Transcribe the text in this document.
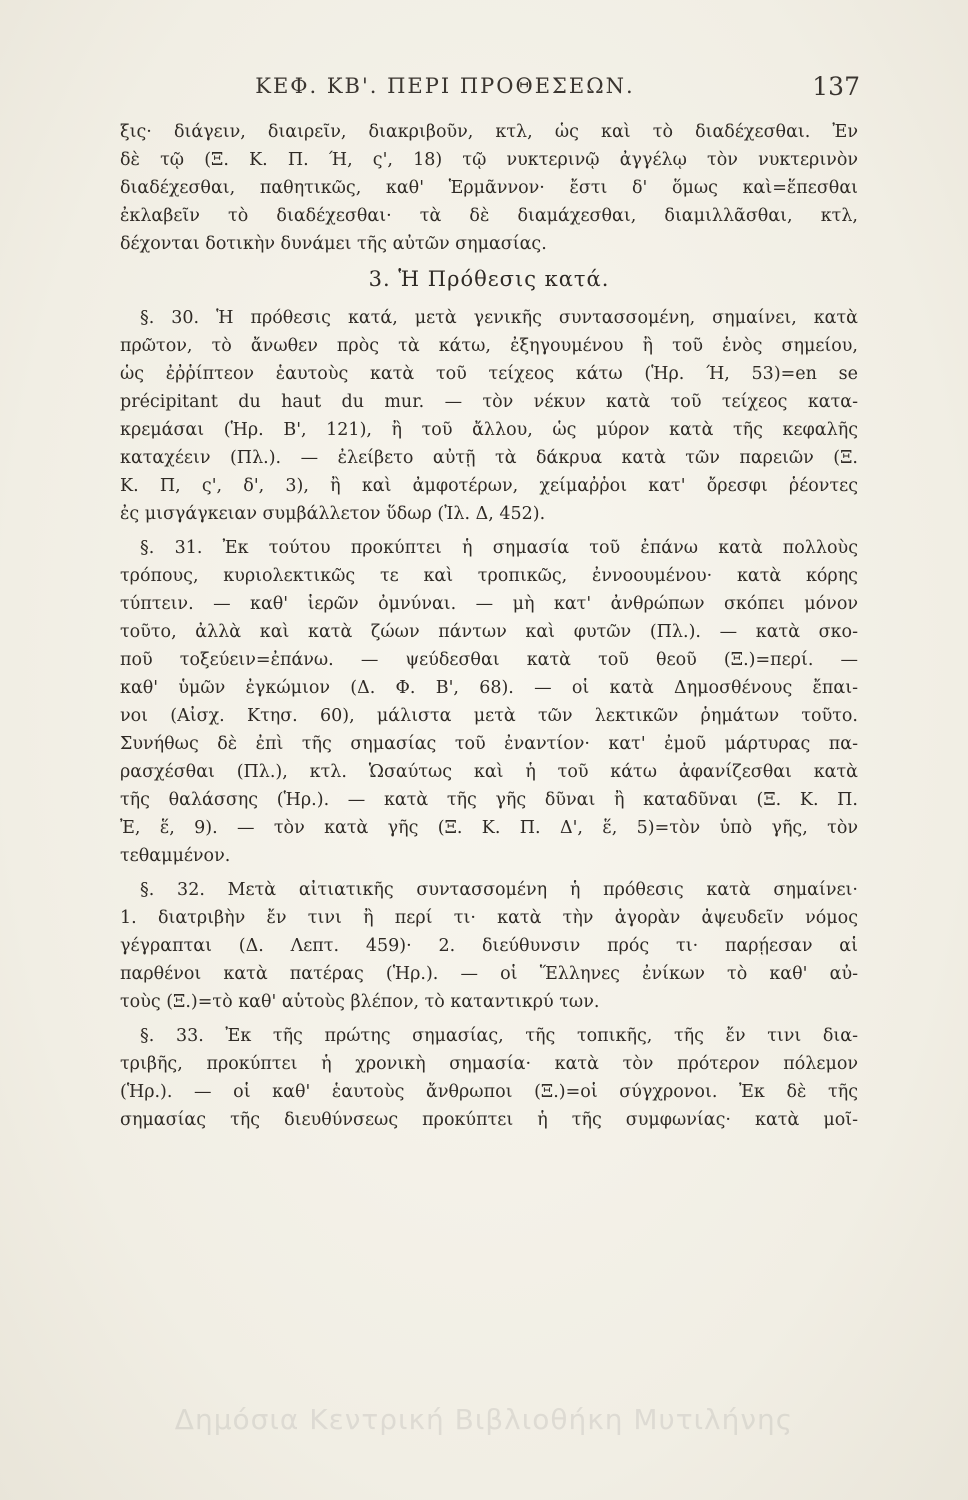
ΚΕΦ. ΚΒ'. ΠΕΡΙ ΠΡΟΘΕΣΕΩΝ.	137
ξις· διάγειν, διαιρεῖν, διακριβοῦν, κτλ, ὡς καὶ τὸ διαδέχεσθαι. Ἐν
δὲ τῷ (Ξ. Κ. Π. Ή, ς', 18) τῷ νυκτερινῷ ἀγγέλῳ τὸν νυκτερινὸν
διαδέχεσθαι, παθητικῶς, καθ' Ἑρμᾶννον· ἔστι δ' ὅμως καὶ=ἕπεσθαι
ἐκλαβεῖν τὸ διαδέχεσθαι· τὰ δὲ διαμάχεσθαι, διαμιλλᾶσθαι, κτλ,
δέχονται δοτικὴν δυνάμει τῆς αὐτῶν σημασίας.
3. Ἡ Πρόθεσις κατά.
§. 30. Ἡ πρόθεσις κατά, μετὰ γενικῆς συντασσομένη, σημαίνει, κατὰ
πρῶτον, τὸ ἄνωθεν πρὸς τὰ κάτω, ἐξηγουμένου ἢ τοῦ ἑνὸς σημείου,
ὡς ἐῤῥίπτεον ἑαυτοὺς κατὰ τοῦ τείχεος κάτω (Ἡρ. Ή, 53)=en se
précipitant du haut du mur. — τὸν νέκυν κατὰ τοῦ τείχεος κατα-
κρεμάσαι (Ἡρ. Β', 121), ἢ τοῦ ἄλλου, ὡς μύρον κατὰ τῆς κεφαλῆς
καταχέειν (Πλ.). — ἐλείβετο αὐτῇ τὰ δάκρυα κατὰ τῶν παρειῶν (Ξ.
Κ. Π, ς', δ', 3), ἢ καὶ ἀμφοτέρων, χείμαῤῥοι κατ' ὄρεσφι ῥέοντες
ἐς μισγάγκειαν συμβάλλετον ὕδωρ (Ἰλ. Δ, 452).
§. 31. Ἐκ τούτου προκύπτει ἡ σημασία τοῦ ἐπάνω κατὰ πολλοὺς
τρόπους, κυριολεκτικῶς τε καὶ τροπικῶς, ἐννοουμένου· κατὰ κόρης
τύπτειν. — καθ' ἱερῶν ὀμνύναι. — μὴ κατ' ἀνθρώπων σκόπει μόνον
τοῦτο, ἀλλὰ καὶ κατὰ ζώων πάντων καὶ φυτῶν (Πλ.). — κατὰ σκο-
ποῦ τοξεύειν=ἐπάνω. — ψεύδεσθαι κατὰ τοῦ θεοῦ (Ξ.)=περί. —
καθ' ὑμῶν ἐγκώμιον (Δ. Φ. Β', 68). — οἱ κατὰ Δημοσθένους ἔπαι-
νοι (Αἰσχ. Κτησ. 60), μάλιστα μετὰ τῶν λεκτικῶν ῥημάτων τοῦτο.
Συνήθως δὲ ἐπὶ τῆς σημασίας τοῦ ἐναντίον· κατ' ἐμοῦ μάρτυρας πα-
ρασχέσθαι (Πλ.), κτλ. Ὡσαύτως καὶ ἡ τοῦ κάτω ἀφανίζεσθαι κατὰ
τῆς θαλάσσης (Ἡρ.). — κατὰ τῆς γῆς δῦναι ἢ καταδῦναι (Ξ. Κ. Π.
Ἐ, ἕ, 9). — τὸν κατὰ γῆς (Ξ. Κ. Π. Δ', ἕ, 5)=τὸν ὑπὸ γῆς, τὸν
τεθαμμένον.
§. 32. Μετὰ αἰτιατικῆς συντασσομένη ἡ πρόθεσις κατὰ σημαίνει·
1. διατριβὴν ἔν τινι ἢ περί τι· κατὰ τὴν ἀγορὰν ἀψευδεῖν νόμος
γέγραπται (Δ. Λεπτ. 459)· 2. διεύθυνσιν πρός τι· παρῄεσαν αἱ
παρθένοι κατὰ πατέρας (Ἡρ.). — οἱ Ἕλληνες ἐνίκων τὸ καθ' αὐ-
τοὺς (Ξ.)=τὸ καθ' αὑτοὺς βλέπον, τὸ καταντικρύ των.
§. 33. Ἐκ τῆς πρώτης σημασίας, τῆς τοπικῆς, τῆς ἔν τινι δια-
τριβῆς, προκύπτει ἡ χρονικὴ σημασία· κατὰ τὸν πρότερον πόλεμον
(Ἡρ.). — οἱ καθ' ἑαυτοὺς ἄνθρωποι (Ξ.)=οἱ σύγχρονοι. Ἐκ δὲ τῆς
σημασίας τῆς διευθύνσεως προκύπτει ἡ τῆς συμφωνίας· κατὰ μοῖ-
Δημόσια Κεντρική Βιβλιοθήκη Μυτιλήνης
